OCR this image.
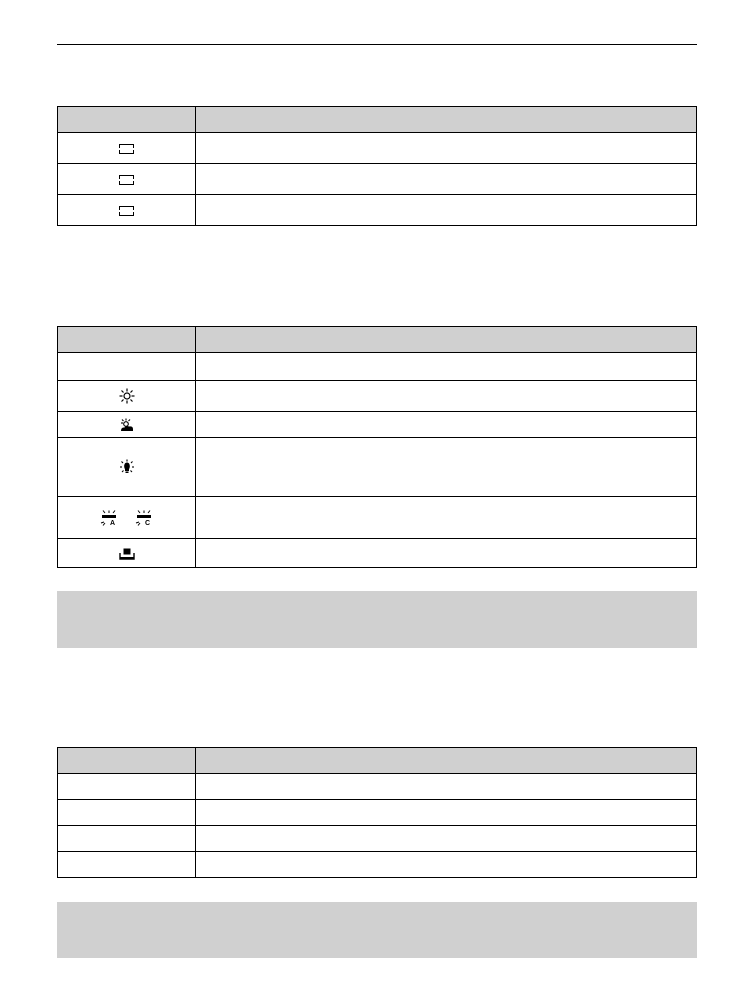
A
C	
